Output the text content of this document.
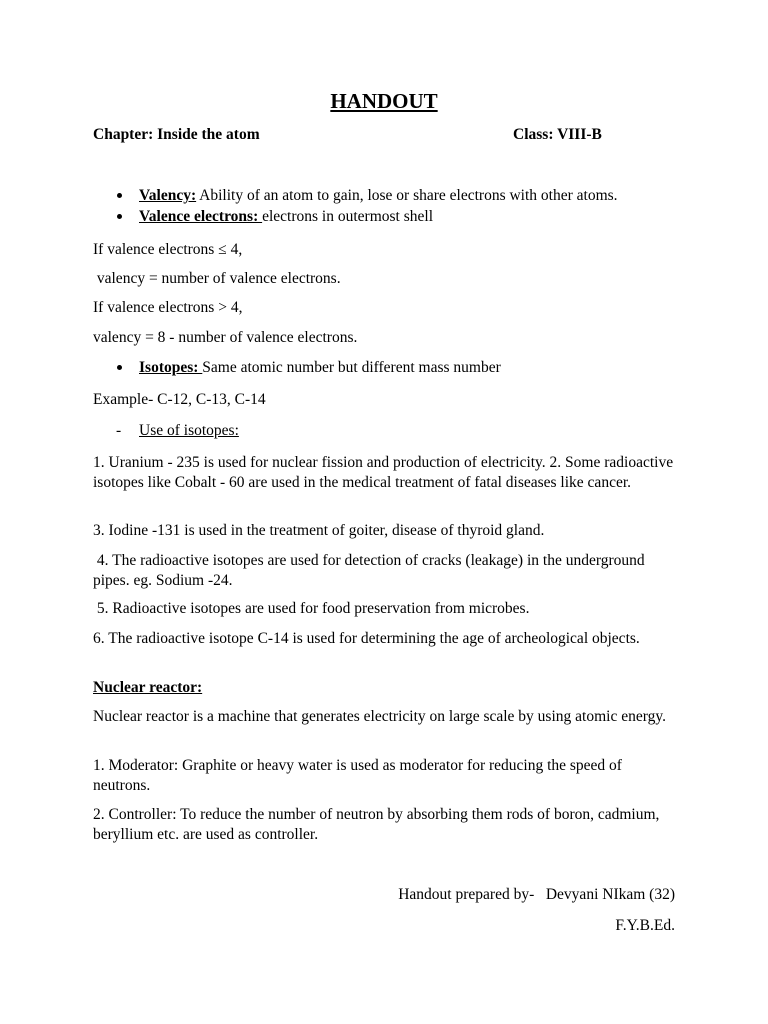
HANDOUT
Chapter: Inside the atom	Class: VIII-B
Valency: Ability of an atom to gain, lose or share electrons with other atoms.
Valence electrons: electrons in outermost shell
If valence electrons ≤ 4,
valency = number of valence electrons.
If valence electrons > 4,
valency = 8 - number of valence electrons.
Isotopes: Same atomic number but different mass number
Example- C-12, C-13, C-14
- Use of isotopes:
1. Uranium - 235 is used for nuclear fission and production of electricity. 2. Some radioactive isotopes like Cobalt - 60 are used in the medical treatment of fatal diseases like cancer.
3. Iodine -131 is used in the treatment of goiter, disease of thyroid gland.
4. The radioactive isotopes are used for detection of cracks (leakage) in the underground pipes. eg. Sodium -24.
5. Radioactive isotopes are used for food preservation from microbes.
6. The radioactive isotope C-14 is used for determining the age of archeological objects.
Nuclear reactor:
Nuclear reactor is a machine that generates electricity on large scale by using atomic energy.
1. Moderator: Graphite or heavy water is used as moderator for reducing the speed of neutrons.
2. Controller: To reduce the number of neutron by absorbing them rods of boron, cadmium, beryllium etc. are used as controller.
Handout prepared by-   Devyani NIkam (32)
F.Y.B.Ed.
